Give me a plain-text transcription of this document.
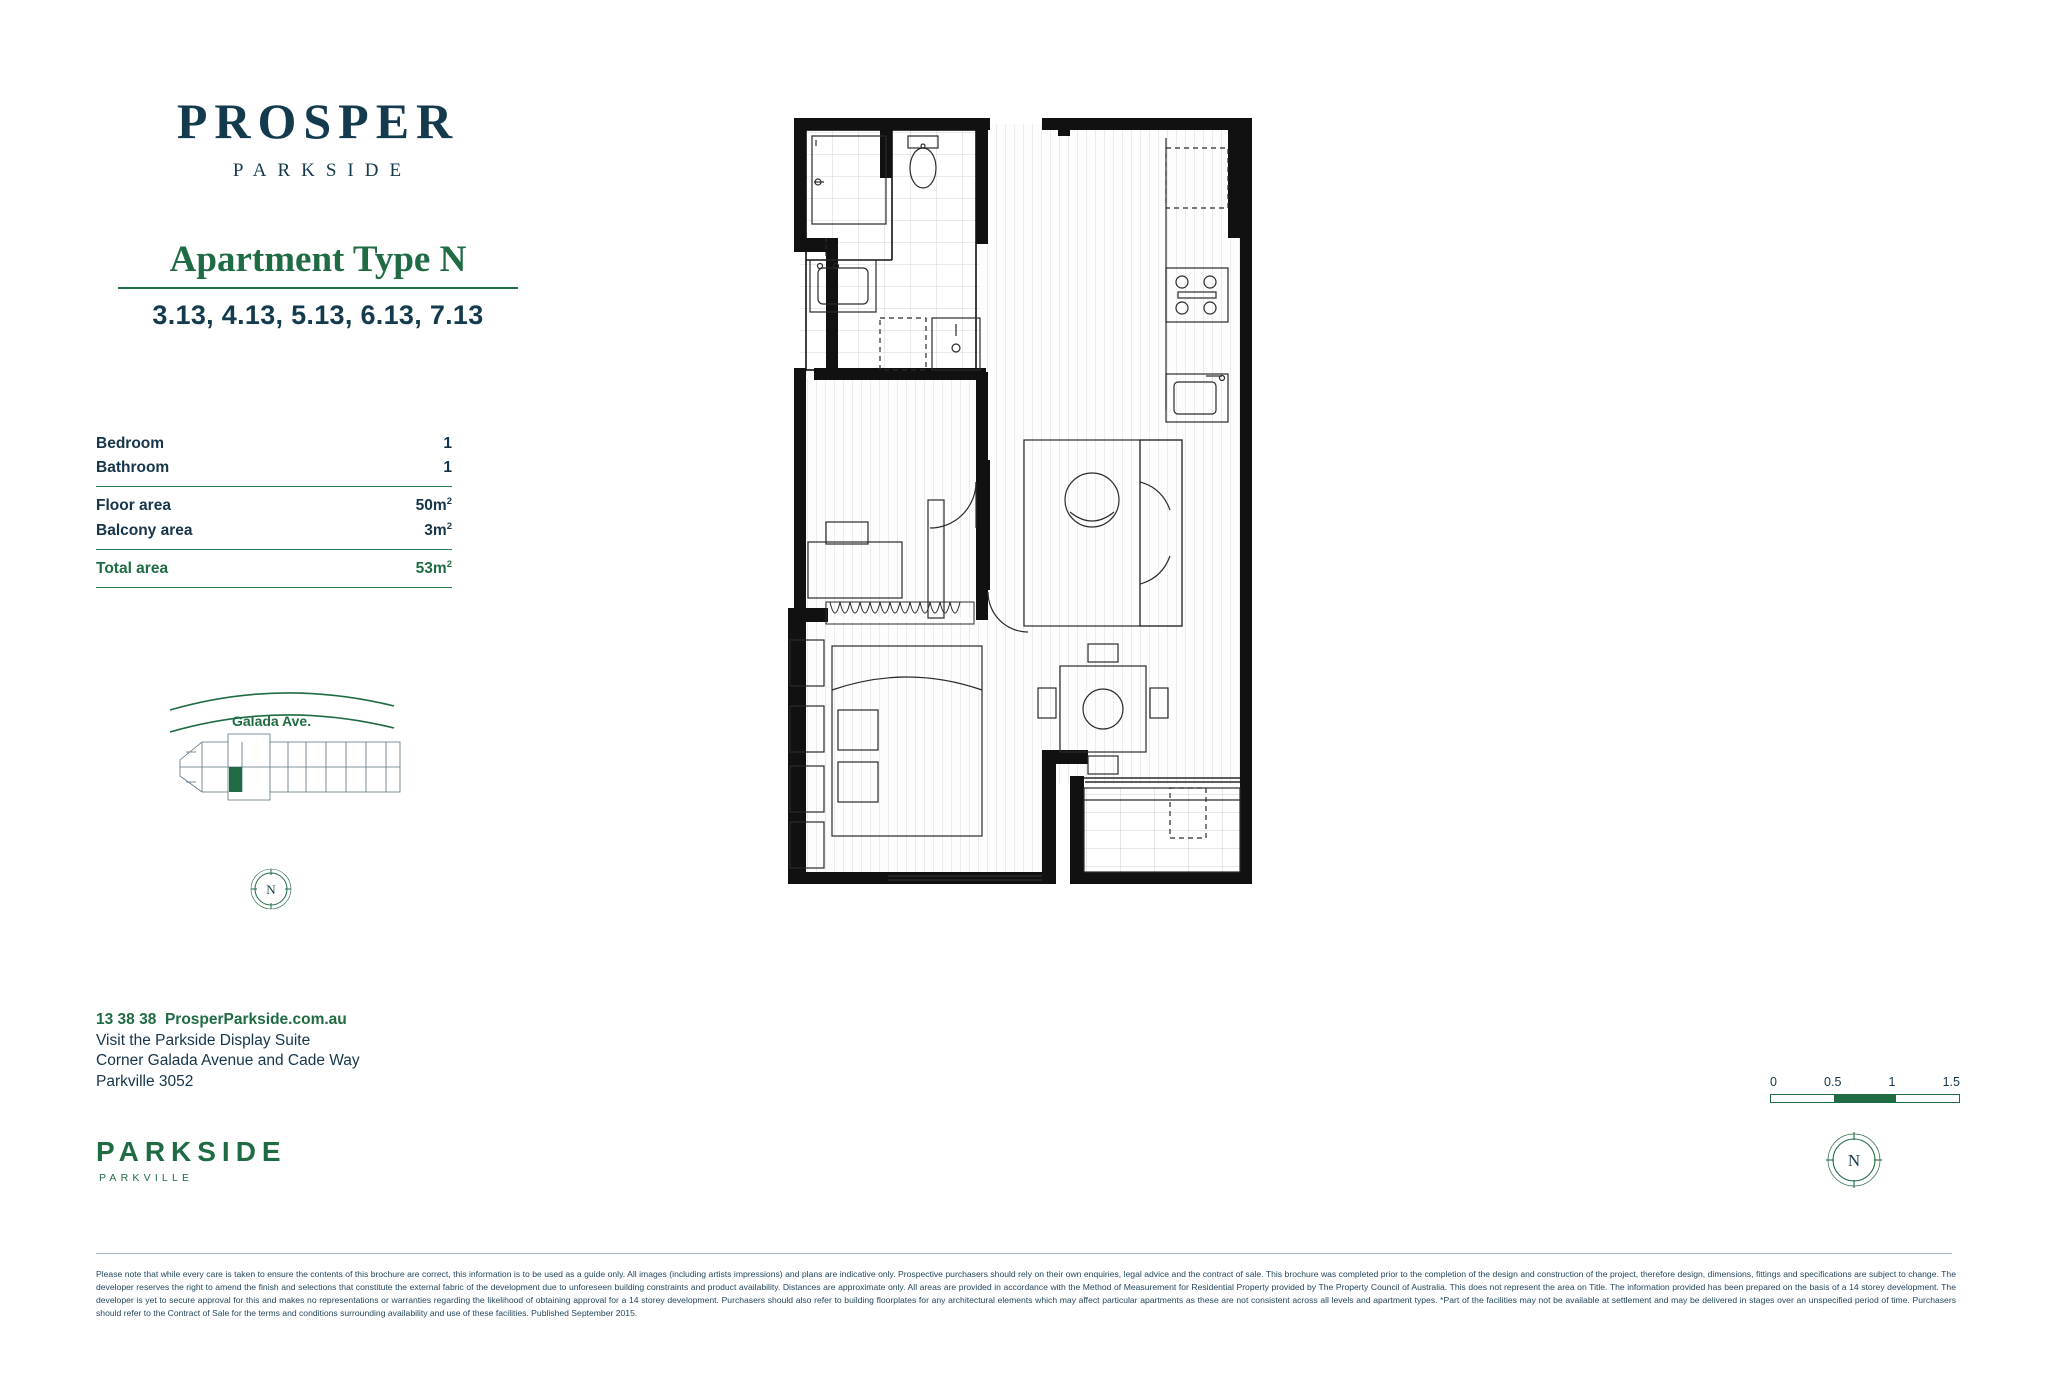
PROSPER
PARKSIDE
Apartment Type N
3.13, 4.13, 5.13, 6.13, 7.13
Bedroom	1
Bathroom	1
Floor area	$50m^2$
Balcony area	$3m^2$
Total area	$53m^2$
Galada Ave.
N
13 38 38 ProsperParkside.com.au
Visit the Parkside Display Suite
Corner Galada Avenue and Cade Way
Parkville 3052
PARKSIDE
PARKVILLE
0	0.5	1	1.5
N
Please note that while every care is taken to ensure the contents of this brochure are correct, this information is to be used as a guide only. All images (including artists impressions) and plans are indicative only. Prospective purchasers should rely on their own enquiries, legal advice and the contract of sale. This brochure was completed prior to the completion of the design and construction of the project, therefore design, dimensions, fittings and specifications are subject to change. The developer reserves the right to amend the finish and selections that constitute the external fabric of the development due to unforeseen building constraints and product availability. Distances are approximate only. All areas are provided in accordance with the Method of Measurement for Residential Property provided by The Property Council of Australia. This does not represent the area on Title. The information provided has been prepared on the basis of a 14 storey development. The developer is yet to secure approval for this and makes no representations or warranties regarding the likelihood of obtaining approval for a 14 storey development. Purchasers should also refer to building floorplates for any architectural elements which may affect particular apartments as these are not consistent across all levels and apartment types. *Part of the facilities may not be available at settlement and may be delivered in stages over an unspecified period of time. Purchasers should refer to the Contract of Sale for the terms and conditions surrounding availability and use of these facilities. Published September 2015.
